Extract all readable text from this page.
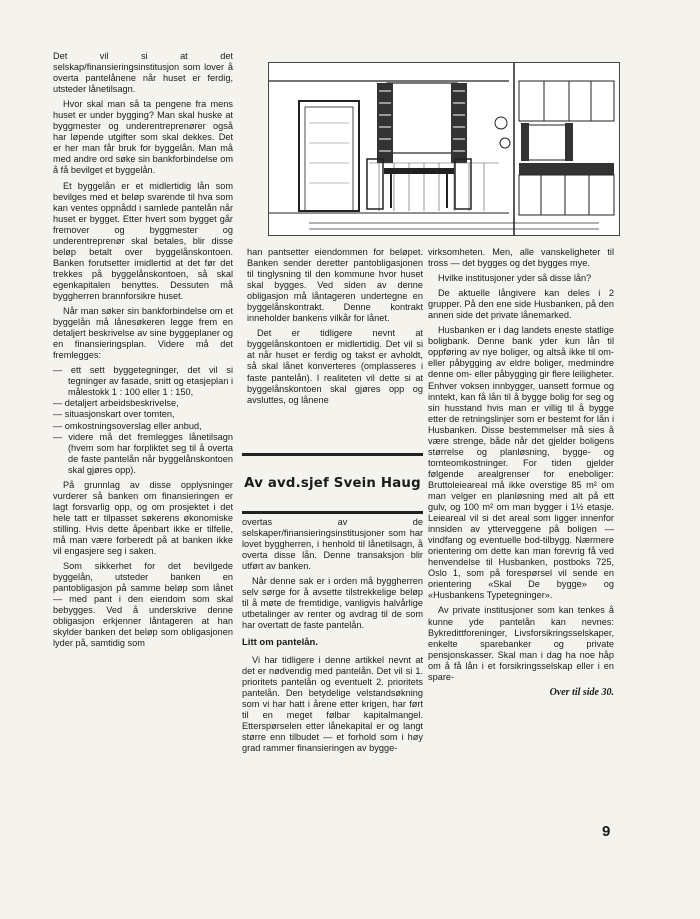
Det vil si at det selskap/finansieringsinstitusjon som lover å overta pantelånene når huset er ferdig, utsteder lånetilsagn.

Hvor skal man så ta pengene fra mens huset er under bygging? Man skal huske at byggmester og underentreprenører også har løpende utgifter som skal dekkes. Det er her man får bruk for byggelån. Man må med andre ord søke sin bankforbindelse om å få bevilget et byggelån.

Et byggelån er et midlertidig lån som bevilges med et beløp svarende til hva som kan ventes oppnådd i samlede pantelån når huset er bygget. Etter hvert som bygget går fremover og byggmester og underentreprenør skal betales, blir disse beløp betalt over byggelånskontoen. Banken forutsetter imidlertid at det før det trekkes på byggelånskontoen, så skal egenkapitalen benyttes. Dessuten må byggherren brannforsikre huset.

Når man søker sin bankforbindelse om et byggelån må lånesøkeren legge frem en detaljert beskrivelse av sine byggeplaner og en finansieringsplan. Videre må det fremlegges:

— ett sett byggetegninger, det vil si tegninger av fasade, snitt og etasjeplan i målestokk 1 : 100 eller 1 : 150,
— detaljert arbeidsbeskrivelse,
— situasjonskart over tomten,
— omkostningsoverslag eller anbud,
— videre må det fremlegges lånetilsagn (hvem som har forpliktet seg til å overta de faste pantelån når byggelånskontoen skal gjøres opp).

På grunnlag av disse opplysninger vurderer så banken om finansieringen er lagt forsvarlig opp, og om prosjektet i det hele tatt er tilpasset søkerens økonomiske stilling. Hvis dette åpenbart ikke er tilfelle, må man være forberedt på at banken ikke vil engasjere seg i saken.

Som sikkerhet for det bevilgede byggelån, utsteder banken en pantobligasjon på samme beløp som lånet — med pant i den eiendom som skal bebygges. Ved å underskrive denne obligasjon erkjenner låntageren at han skylder banken det beløp som obligasjonen lyder på, samtidig som

han pantsetter eiendommen for beløpet. Banken sender deretter pantobligasjonen til tinglysning til den kommune hvor huset skal bygges. Ved siden av denne obligasjon må låntageren undertegne en byggelånskontrakt. Denne kontrakt inneholder bankens vilkår for lånet.

Det er tidligere nevnt at byggelånskontoen er midlertidig. Det vil si at når huset er ferdig og takst er avholdt, så skal lånet konverteres (omplasseres i faste pantelån). I realiteten vil dette si at byggelånskontoen skal gjøres opp og avsluttes, og lånene

Av avd.sjef Svein Haug

overtas av de selskaper/finansieringsinstitusjoner som har lovet byggherren, i henhold til lånetilsagn, å overta disse lån. Denne transaksjon blir utført av banken.

Når denne sak er i orden må byggherren selv sørge for å avsette tilstrekkelige beløp til å møte de fremtidige, vanligvis halvårlige utbetalinger av renter og avdrag til de som har overtatt de faste pantelån.

Litt om pantelån.

Vi har tidligere i denne artikkel nevnt at det er nødvendig med pantelån. Det vil si 1. prioritets pantelån og eventuelt 2. prioritets pantelån. Den betydelige velstandsøkning som vi har hatt i årene etter krigen, har ført til en meget følbar kapitalmangel. Etterspørselen etter lånekapital er og langt større enn tilbudet — et forhold som i høy grad rammer finansieringen av bygge-

virksomheten. Men, alle vanskeligheter til tross — det bygges og det bygges mye.

Hvilke institusjoner yder så disse lån?

De aktuelle långivere kan deles i 2 grupper. På den ene side Husbanken, på den annen side det private lånemarked.

Husbanken er i dag landets eneste statlige boligbank. Denne bank yder kun lån til oppføring av nye boliger, og altså ikke til om- eller påbygging av eldre boliger, medmindre denne om- eller påbygging gir flere leiligheter. Enhver voksen innbygger, uansett formue og inntekt, kan få lån til å bygge bolig for seg og sin husstand hvis man er villig til å bygge etter de retningslinjer som er bestemt for lån i Husbanken. Disse bestemmelser må sies å være strenge, både når det gjelder boligens størrelse og planløsning, bygge- og tomteomkostninger. For tiden gjelder følgende arealgrenser for eneboliger: Bruttoleieareal må ikke overstige 85 m² om man velger en planløsning med alt på ett gulv, og 100 m² om man bygger i 1½ etasje. Leieareal vil si det areal som ligger innenfor innsiden av ytterveggene på boligen — vindfang og eventuelle bod-tilbygg. Nærmere orientering om dette kan man forevrig få ved henvendelse til Husbanken, postboks 725, Oslo 1, som på forespørsel vil sende en orientering «Skal De bygge» og «Husbankens Typetegninger».

Av private institusjoner som kan tenkes å kunne yde pantelån kan nevnes: Bykredittforeninger, Livsforsikringsselskaper, enkelte sparebanker og private pensjonskasser. Skal man i dag ha noe håp om å få lån i et forsikringsselskap eller i en spare-

Over til side 30.
9
